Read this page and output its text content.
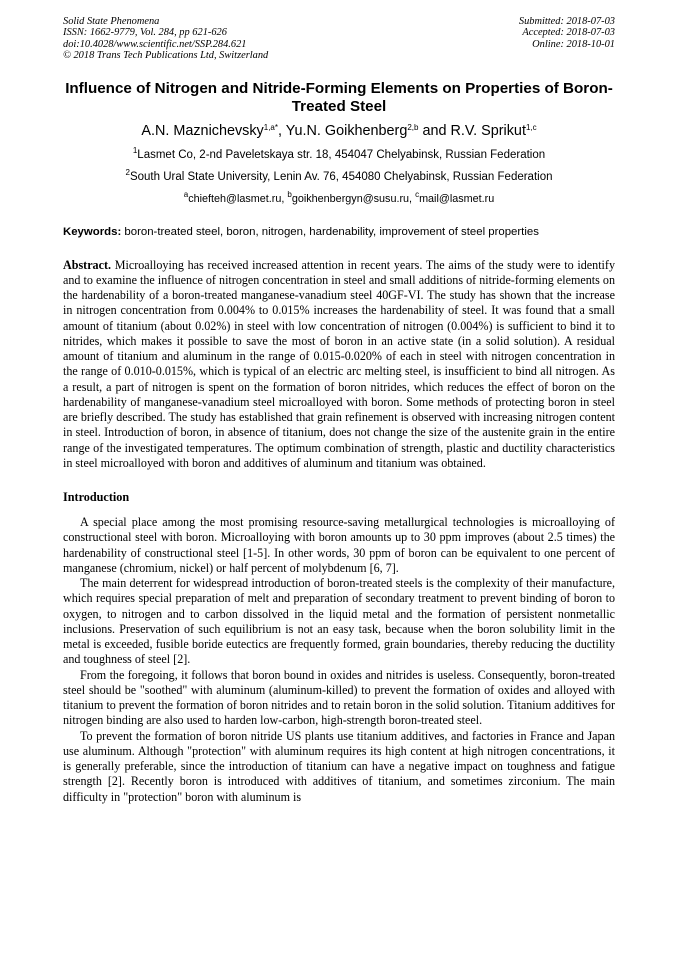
Solid State Phenomena
ISSN: 1662-9779, Vol. 284, pp 621-626
doi:10.4028/www.scientific.net/SSP.284.621
© 2018 Trans Tech Publications Ltd, Switzerland
Submitted: 2018-07-03
Accepted: 2018-07-03
Online: 2018-10-01
Influence of Nitrogen and Nitride-Forming Elements on Properties of Boron-Treated Steel
A.N. Maznichevsky$^{1,a*}$, Yu.N. Goikhenberg$^{2,b}$ and R.V. Sprikut$^{1,c}$
$^1$Lasmet Co, 2-nd Paveletskaya str. 18, 454047 Chelyabinsk, Russian Federation
$^2$South Ural State University, Lenin Av. 76, 454080 Chelyabinsk, Russian Federation
$^a$chiefteh@lasmet.ru, $^b$goikhenbergyn@susu.ru, $^c$mail@lasmet.ru
Keywords: boron-treated steel, boron, nitrogen, hardenability, improvement of steel properties
Abstract. Microalloying has received increased attention in recent years. The aims of the study were to identify and to examine the influence of nitrogen concentration in steel and small additions of nitride-forming elements on the hardenability of a boron-treated manganese-vanadium steel 40GF-VI. The study has shown that the increase in nitrogen concentration from 0.004% to 0.015% increases the hardenability of steel. It was found that a small amount of titanium (about 0.02%) in steel with low concentration of nitrogen (0.004%) is sufficient to bind it to nitrides, which makes it possible to save the most of boron in an active state (in a solid solution). A residual amount of titanium and aluminum in the range of 0.015-0.020% of each in steel with nitrogen concentration in the range of 0.010-0.015%, which is typical of an electric arc melting steel, is insufficient to bind all nitrogen. As a result, a part of nitrogen is spent on the formation of boron nitrides, which reduces the effect of boron on the hardenability of manganese-vanadium steel microalloyed with boron. Some methods of protecting boron in steel are briefly described. The study has established that grain refinement is observed with increasing nitrogen content in steel. Introduction of boron, in absence of titanium, does not change the size of the austenite grain in the entire range of the investigated temperatures. The optimum combination of strength, plastic and ductility characteristics in steel microalloyed with boron and additives of aluminum and titanium was obtained.
Introduction

A special place among the most promising resource-saving metallurgical technologies is microalloying of constructional steel with boron. Microalloying with boron amounts up to 30 ppm improves (about 2.5 times) the hardenability of constructional steel [1-5]. In other words, 30 ppm of boron can be equivalent to one percent of manganese (chromium, nickel) or half percent of molybdenum [6, 7].

The main deterrent for widespread introduction of boron-treated steels is the complexity of their manufacture, which requires special preparation of melt and preparation of secondary treatment to prevent binding of boron to oxygen, to nitrogen and to carbon dissolved in the liquid metal and the formation of persistent nonmetallic inclusions. Preservation of such equilibrium is not an easy task, because when the boron solubility limit in the metal is exceeded, fusible boride eutectics are frequently formed, grain boundaries, thereby reducing the ductility and toughness of steel [2].

From the foregoing, it follows that boron bound in oxides and nitrides is useless. Consequently, boron-treated steel should be "soothed" with aluminum (aluminum-killed) to prevent the formation of oxides and alloyed with titanium to prevent the formation of boron nitrides and to retain boron in the solid solution. Titanium additives for nitrogen binding are also used to harden low-carbon, high-strength boron-treated steel.

To prevent the formation of boron nitride US plants use titanium additives, and factories in France and Japan use aluminum. Although "protection" with aluminum requires its high content at high nitrogen concentrations, it is generally preferable, since the introduction of titanium can have a negative impact on toughness and fatigue strength [2]. Recently boron is introduced with additives of titanium, and sometimes zirconium. The main difficulty in "protection" boron with aluminum is
